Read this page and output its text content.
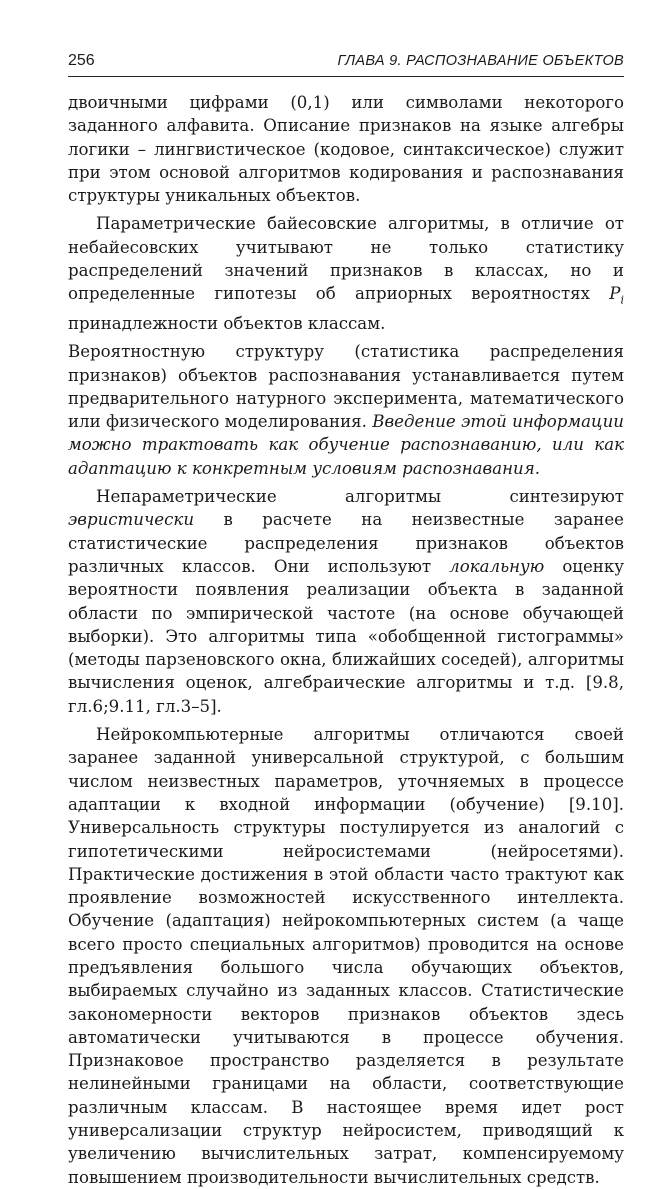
256	ГЛАВА 9. РАСПОЗНАВАНИЕ ОБЪЕКТОВ

двоичными цифрами (0,1) или символами некоторого заданного алфавита. Описание признаков на языке алгебры логики – лингвистическое (кодовое, синтаксическое) служит при этом основой алгоритмов кодирования и распознавания структуры уникальных объектов.

Параметрические байесовские алгоритмы, в отличие от небайесовских учитывают не только статистику распределений значений признаков в классах, но и определенные гипотезы об априорных вероятностях $P_i$ принадлежности объектов классам.

Вероятностную структуру (статистика распределения признаков) объектов распознавания устанавливается путем предварительного натурного эксперимента, математического или физического моделирования. Введение этой информации можно трактовать как обучение распознаванию, или как адаптацию к конкретным условиям распознавания.

Непараметрические алгоритмы синтезируют эвристически в расчете на неизвестные заранее статистические распределения признаков объектов различных классов. Они используют локальную оценку вероятности появления реализации объекта в заданной области по эмпирической частоте (на основе обучающей выборки). Это алгоритмы типа «обобщенной гистограммы» (методы парзеновского окна, ближайших соседей), алгоритмы вычисления оценок, алгебраические алгоритмы и т.д. [9.8, гл.6;9.11, гл.3–5].

Нейрокомпьютерные алгоритмы отличаются своей заранее заданной универсальной структурой, с большим числом неизвестных параметров, уточняемых в процессе адаптации к входной информации (обучение) [9.10]. Универсальность структуры постулируется из аналогий с гипотетическими нейросистемами (нейросетями). Практические достижения в этой области часто трактуют как проявление возможностей искусственного интеллекта. Обучение (адаптация) нейрокомпьютерных систем (а чаще всего просто специальных алгоритмов) проводится на основе предъявления большого числа обучающих объектов, выбираемых случайно из заданных классов. Статистические закономерности векторов признаков объектов здесь автоматически учитываются в процессе обучения. Признаковое пространство разделяется в результате нелинейными границами на области, соответствующие различным классам. В настоящее время идет рост универсализации структур нейросистем, приводящий к увеличению вычислительных затрат, компенсируемому повышением производительности вычислительных средств.
